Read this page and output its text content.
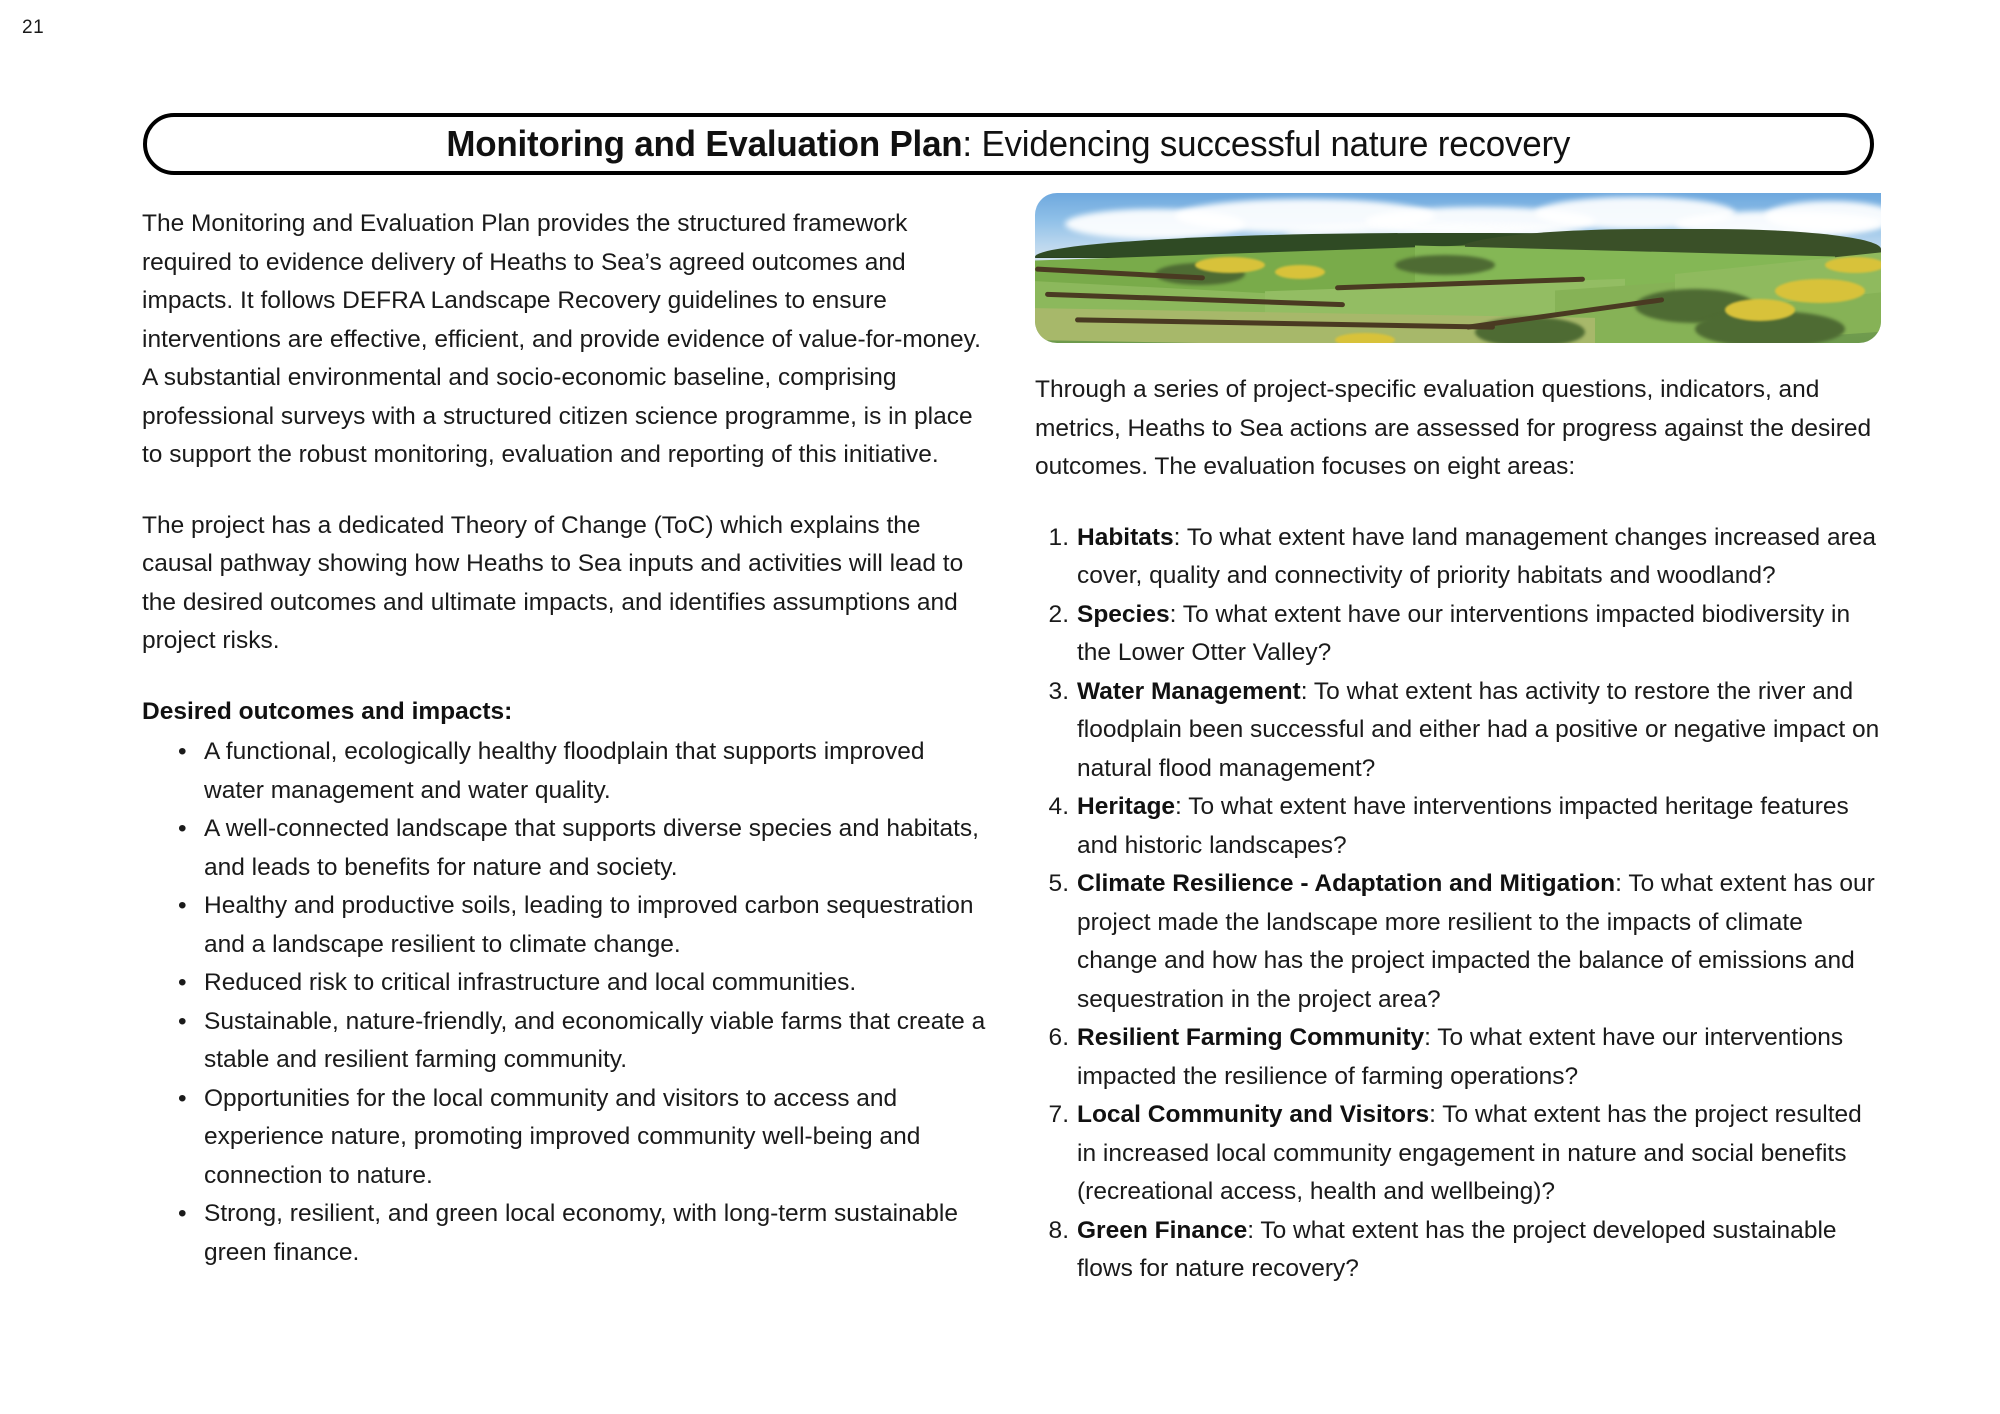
21
Monitoring and Evaluation Plan: Evidencing successful nature recovery

The Monitoring and Evaluation Plan provides the structured framework required to evidence delivery of Heaths to Sea’s agreed outcomes and impacts. It follows DEFRA Landscape Recovery guidelines to ensure interventions are effective, efficient, and provide evidence of value-for-money. A substantial environmental and socio-economic baseline, comprising professional surveys with a structured citizen science programme, is in place to support the robust monitoring, evaluation and reporting of this initiative.

The project has a dedicated Theory of Change (ToC) which explains the causal pathway showing how Heaths to Sea inputs and activities will lead to the desired outcomes and ultimate impacts, and identifies assumptions and project risks.

Desired outcomes and impacts:

• A functional, ecologically healthy floodplain that supports improved water management and water quality.
• A well-connected landscape that supports diverse species and habitats, and leads to benefits for nature and society.
• Healthy and productive soils, leading to improved carbon sequestration and a landscape resilient to climate change.
• Reduced risk to critical infrastructure and local communities.
• Sustainable, nature-friendly, and economically viable farms that create a stable and resilient farming community.
• Opportunities for the local community and visitors to access and experience nature, promoting improved community well-being and connection to nature.
• Strong, resilient, and green local economy, with long-term sustainable green finance.

Through a series of project-specific evaluation questions, indicators, and metrics, Heaths to Sea actions are assessed for progress against the desired outcomes. The evaluation focuses on eight areas:

Habitats: To what extent have land management changes increased area cover, quality and connectivity of priority habitats and woodland?
Species: To what extent have our interventions impacted biodiversity in the Lower Otter Valley?
Water Management: To what extent has activity to restore the river and floodplain been successful and either had a positive or negative impact on natural flood management?
Heritage: To what extent have interventions impacted heritage features and historic landscapes?
Climate Resilience - Adaptation and Mitigation: To what extent has our project made the landscape more resilient to the impacts of climate change and how has the project impacted the balance of emissions and sequestration in the project area?
Resilient Farming Community: To what extent have our interventions impacted the resilience of farming operations?
Local Community and Visitors: To what extent has the project resulted in increased local community engagement in nature and social benefits (recreational access, health and wellbeing)?
Green Finance: To what extent has the project developed sustainable flows for nature recovery?
